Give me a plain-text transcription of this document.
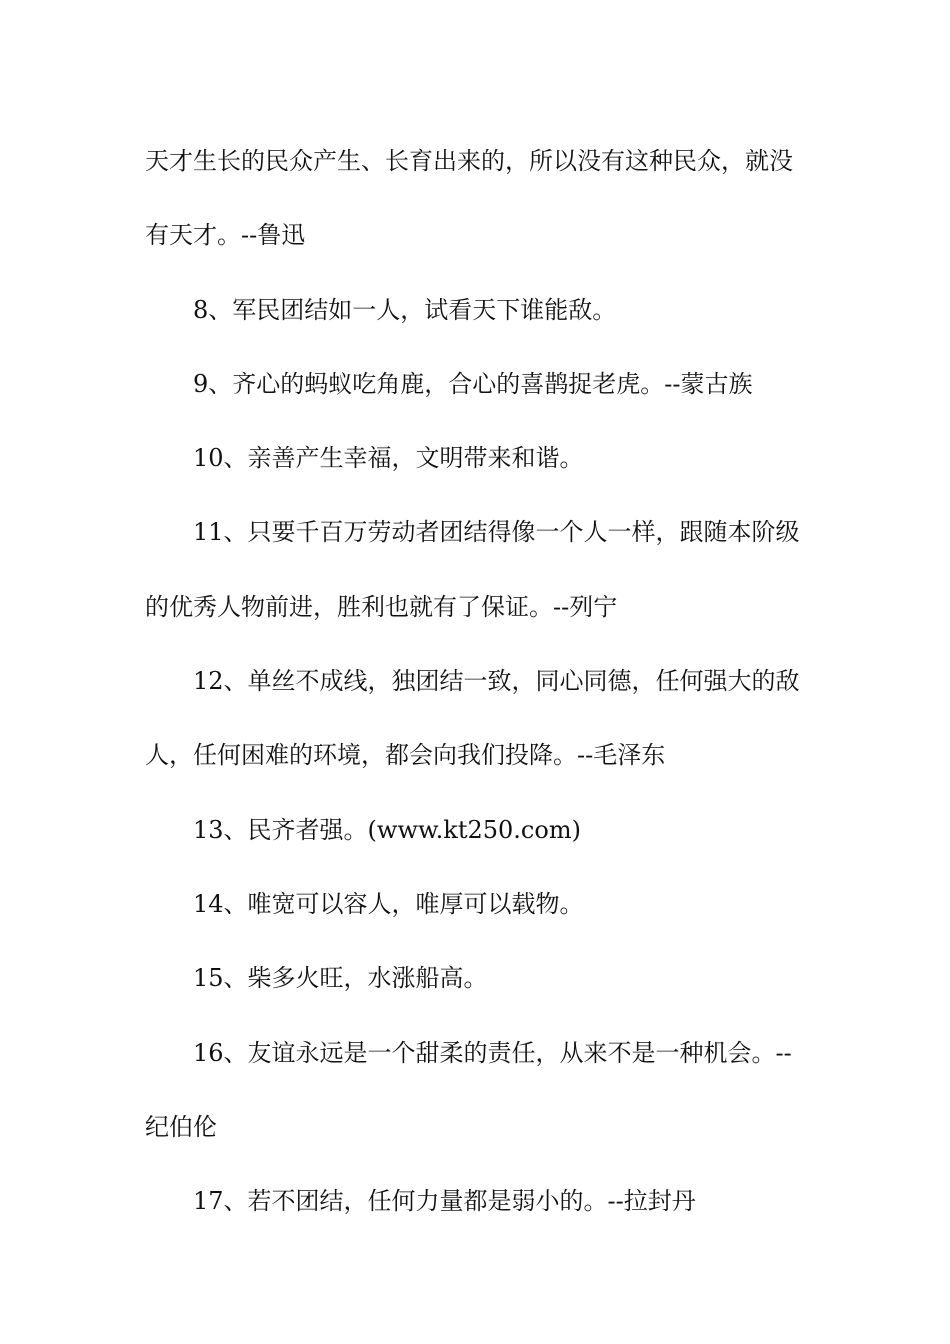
天才生长的民众产生、长育出来的，所以没有这种民众，就没
有天才。--鲁迅
8、军民团结如一人，试看天下谁能敌。
9、齐心的蚂蚁吃角鹿，合心的喜鹊捉老虎。--蒙古族
10、亲善产生幸福，文明带来和谐。
11、只要千百万劳动者团结得像一个人一样，跟随本阶级
的优秀人物前进，胜利也就有了保证。--列宁
12、单丝不成线，独团结一致，同心同德，任何强大的敌
人，任何困难的环境，都会向我们投降。--毛泽东
13、民齐者强。(www.kt250.com)
14、唯宽可以容人，唯厚可以载物。
15、柴多火旺，水涨船高。
16、友谊永远是一个甜柔的责任，从来不是一种机会。--
纪伯伦
17、若不团结，任何力量都是弱小的。--拉封丹
